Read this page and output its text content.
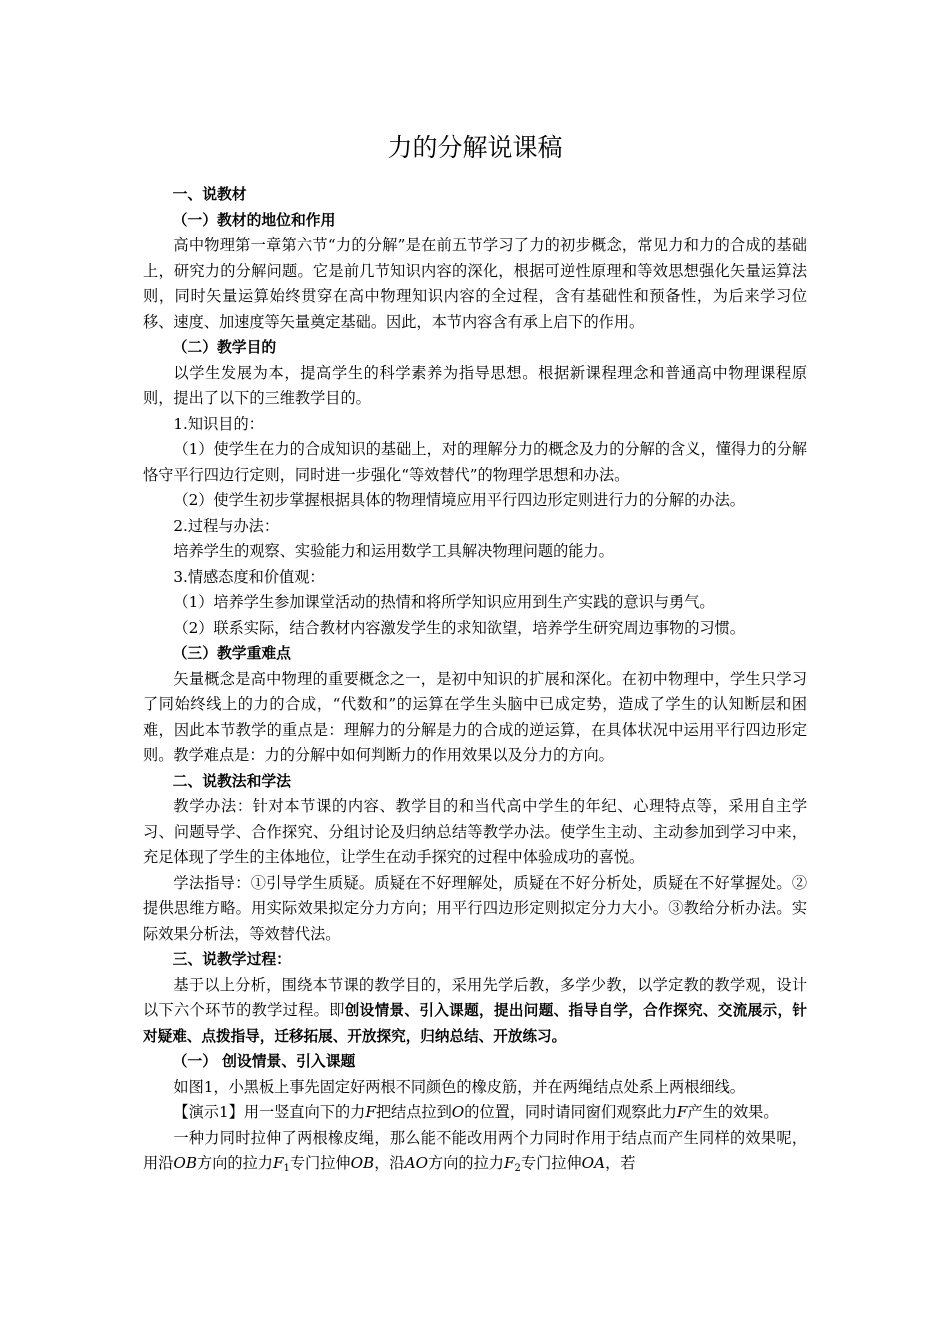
力的分解说课稿

一、说教材

（一）教材的地位和作用

高中物理第一章第六节“力的分解”是在前五节学习了力的初步概念，常见力和力的合成的基础上，研究力的分解问题。它是前几节知识内容的深化，根据可逆性原理和等效思想强化矢量运算法则，同时矢量运算始终贯穿在高中物理知识内容的全过程，含有基础性和预备性，为后来学习位移、速度、加速度等矢量奠定基础。因此，本节内容含有承上启下的作用。

（二）教学目的

以学生发展为本，提高学生的科学素养为指导思想。根据新课程理念和普通高中物理课程原则，提出了以下的三维教学目的。

1.知识目的：

（1）使学生在力的合成知识的基础上，对的理解分力的概念及力的分解的含义，懂得力的分解恪守平行四边行定则，同时进一步强化“等效替代”的物理学思想和办法。

（2）使学生初步掌握根据具体的物理情境应用平行四边形定则进行力的分解的办法。

2.过程与办法：

培养学生的观察、实验能力和运用数学工具解决物理问题的能力。

3.情感态度和价值观：

（1）培养学生参加课堂活动的热情和将所学知识应用到生产实践的意识与勇气。

（2）联系实际，结合教材内容激发学生的求知欲望，培养学生研究周边事物的习惯。

（三）教学重难点

矢量概念是高中物理的重要概念之一，是初中知识的扩展和深化。在初中物理中，学生只学习了同始终线上的力的合成，“代数和”的运算在学生头脑中已成定势，造成了学生的认知断层和困难，因此本节教学的重点是：理解力的分解是力的合成的逆运算，在具体状况中运用平行四边形定则。教学难点是：力的分解中如何判断力的作用效果以及分力的方向。

二、说教法和学法

教学办法：针对本节课的内容、教学目的和当代高中学生的年纪、心理特点等，采用自主学习、问题导学、合作探究、分组讨论及归纳总结等教学办法。使学生主动、主动参加到学习中来，充足体现了学生的主体地位，让学生在动手探究的过程中体验成功的喜悦。

学法指导：①引导学生质疑。质疑在不好理解处，质疑在不好分析处，质疑在不好掌握处。②提供思维方略。用实际效果拟定分力方向；用平行四边形定则拟定分力大小。③教给分析办法。实际效果分析法，等效替代法。

三、说教学过程：

基于以上分析，围绕本节课的教学目的，采用先学后教，多学少教，以学定教的教学观，设计以下六个环节的教学过程。即创设情景、引入课题，提出问题、指导自学，合作探究、交流展示，针对疑难、点拨指导，迁移拓展、开放探究，归纳总结、开放练习。

（一） 创设情景、引入课题

如图1，小黑板上事先固定好两根不同颜色的橡皮筋，并在两绳结点处系上两根细线。

【演示1】用一竖直向下的力F把结点拉到O的位置，同时请同窗们观察此力F产生的效果。

一种力同时拉伸了两根橡皮绳，那么能不能改用两个力同时作用于结点而产生同样的效果呢，用沿OB方向的拉力$F_1$专门拉伸OB，沿AO方向的拉力$F_2$专门拉伸OA，若
